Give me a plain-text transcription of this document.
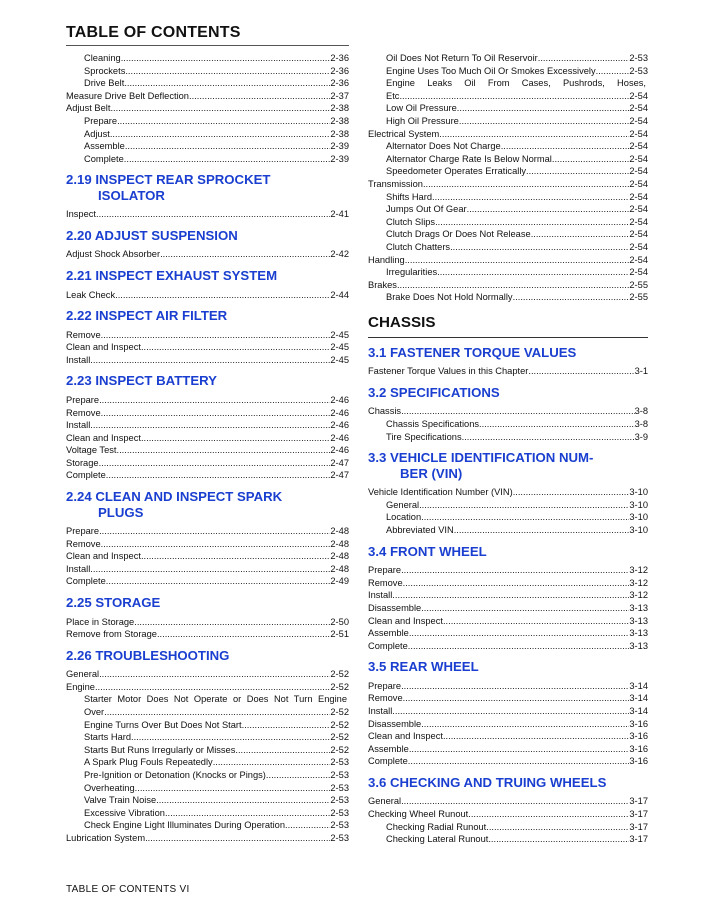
TABLE OF CONTENTS
Cleaning .....	2-36
Sprockets .....	2-36
Drive Belt .....	2-36
Measure Drive Belt Deflection .....	2-37
Adjust Belt .....	2-38
Prepare .....	2-38
Adjust .....	2-38
Assemble .....	2-39
Complete .....	2-39
2.19 INSPECT REAR SPROCKET
ISOLATOR
Inspect .....	2-41
2.20 ADJUST SUSPENSION
Adjust Shock Absorber .....	2-42
2.21 INSPECT EXHAUST SYSTEM
Leak Check .....	2-44
2.22 INSPECT AIR FILTER
Remove .....	2-45
Clean and Inspect .....	2-45
Install .....	2-45
2.23 INSPECT BATTERY
Prepare .....	2-46
Remove .....	2-46
Install .....	2-46
Clean and Inspect .....	2-46
Voltage Test .....	2-46
Storage .....	2-47
Complete .....	2-47
2.24 CLEAN AND INSPECT SPARK
PLUGS
Prepare .....	2-48
Remove .....	2-48
Clean and Inspect .....	2-48
Install .....	2-48
Complete .....	2-49
2.25 STORAGE
Place in Storage .....	2-50
Remove from Storage .....	2-51
2.26 TROUBLESHOOTING
General .....	2-52
Engine .....	2-52
Starter Motor Does Not Operate or Does Not Turn Engine
Over .....	2-52
Engine Turns Over But Does Not Start .....	2-52
Starts Hard .....	2-52
Starts But Runs Irregularly or Misses .....	2-52
A Spark Plug Fouls Repeatedly .....	2-53
Pre-Ignition or Detonation (Knocks or Pings) .....	2-53
Overheating .....	2-53
Valve Train Noise .....	2-53
Excessive Vibration .....	2-53
Check Engine Light Illuminates During Operation .....	2-53
Lubrication System .....	2-53
Oil Does Not Return To Oil Reservoir .....	2-53
Engine Uses Too Much Oil Or Smokes Excessively .....	2-53
Engine Leaks Oil From Cases, Pushrods, Hoses,
Etc .....	2-54
Low Oil Pressure .....	2-54
High Oil Pressure .....	2-54
Electrical System .....	2-54
Alternator Does Not Charge .....	2-54
Alternator Charge Rate Is Below Normal .....	2-54
Speedometer Operates Erratically .....	2-54
Transmission .....	2-54
Shifts Hard .....	2-54
Jumps Out Of Gear .....	2-54
Clutch Slips .....	2-54
Clutch Drags Or Does Not Release .....	2-54
Clutch Chatters .....	2-54
Handling .....	2-54
Irregularities .....	2-54
Brakes .....	2-55
Brake Does Not Hold Normally .....	2-55
CHASSIS
3.1 FASTENER TORQUE VALUES
Fastener Torque Values in this Chapter .....	3-1
3.2 SPECIFICATIONS
Chassis .....	3-8
Chassis Specifications .....	3-8
Tire Specifications .....	3-9
3.3 VEHICLE IDENTIFICATION NUM-
BER (VIN)
Vehicle Identification Number (VIN) .....	3-10
General .....	3-10
Location .....	3-10
Abbreviated VIN .....	3-10
3.4 FRONT WHEEL
Prepare .....	3-12
Remove .....	3-12
Install .....	3-12
Disassemble .....	3-13
Clean and Inspect .....	3-13
Assemble .....	3-13
Complete .....	3-13
3.5 REAR WHEEL
Prepare .....	3-14
Remove .....	3-14
Install .....	3-14
Disassemble .....	3-16
Clean and Inspect .....	3-16
Assemble .....	3-16
Complete .....	3-16
3.6 CHECKING AND TRUING WHEELS
General .....	3-17
Checking Wheel Runout .....	3-17
Checking Radial Runout .....	3-17
Checking Lateral Runout .....	3-17
TABLE OF CONTENTS VI
